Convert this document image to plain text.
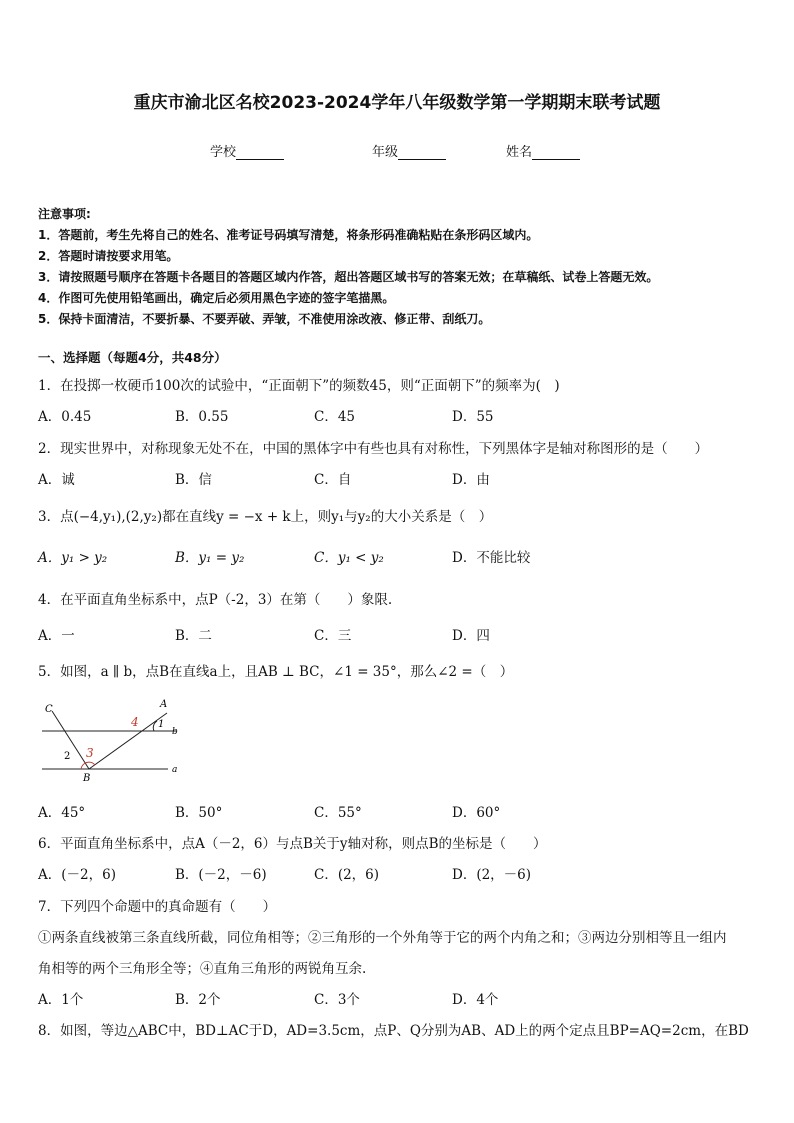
重庆市渝北区名校2023-2024学年八年级数学第一学期期末联考试题
学校	年级	姓名
注意事项:
1．答题前，考生先将自己的姓名、准考证号码填写清楚，将条形码准确粘贴在条形码区域内。
2．答题时请按要求用笔。
3．请按照题号顺序在答题卡各题目的答题区域内作答，超出答题区域书写的答案无效；在草稿纸、试卷上答题无效。
4．作图可先使用铅笔画出，确定后必须用黑色字迹的签字笔描黑。
5．保持卡面清洁，不要折暴、不要弄破、弄皱，不准使用涂改液、修正带、刮纸刀。
一、选择题（每题4分，共48分）
1．在投掷一枚硬币100次的试验中，“正面朝下”的频数45，则“正面朝下”的频率为(　)
A．0.45	B．0.55	C．45	D．55
2．现实世界中，对称现象无处不在，中国的黑体字中有些也具有对称性，下列黑体字是轴对称图形的是（　　）
A．诚	B．信	C．自	D．由
3．点(−4,y₁),(2,y₂)都在直线y = −x + k上，则y₁与y₂的大小关系是（　）
A．y₁ > y₂	B．y₁ = y₂	C．y₁ < y₂	D．不能比较
4．在平面直角坐标系中，点P（-2，3）在第（　　）象限.
A．一	B．二	C．三	D．四
5．如图，a ∥ b，点B在直线a上，且AB ⊥ BC，∠1 = 35°，那么∠2 =（　）
C	A
B
b
a
1
2 3
4
A．45°	B．50°	C．55°	D．60°
6．平面直角坐标系中，点A（－2，6）与点B关于y轴对称，则点B的坐标是（　　）
A．(－2，6)	B．(－2，－6)	C．(2，6)	D．(2，－6)
7．下列四个命题中的真命题有（　　）
①两条直线被第三条直线所截，同位角相等；②三角形的一个外角等于它的两个内角之和；③两边分别相等且一组内
角相等的两个三角形全等；④直角三角形的两锐角互余.
A．1个	B．2个	C．3个	D．4个
8．如图，等边△ABC中，BD⊥AC于D，AD=3.5cm，点P、Q分别为AB、AD上的两个定点且BP=AQ=2cm，在BD
